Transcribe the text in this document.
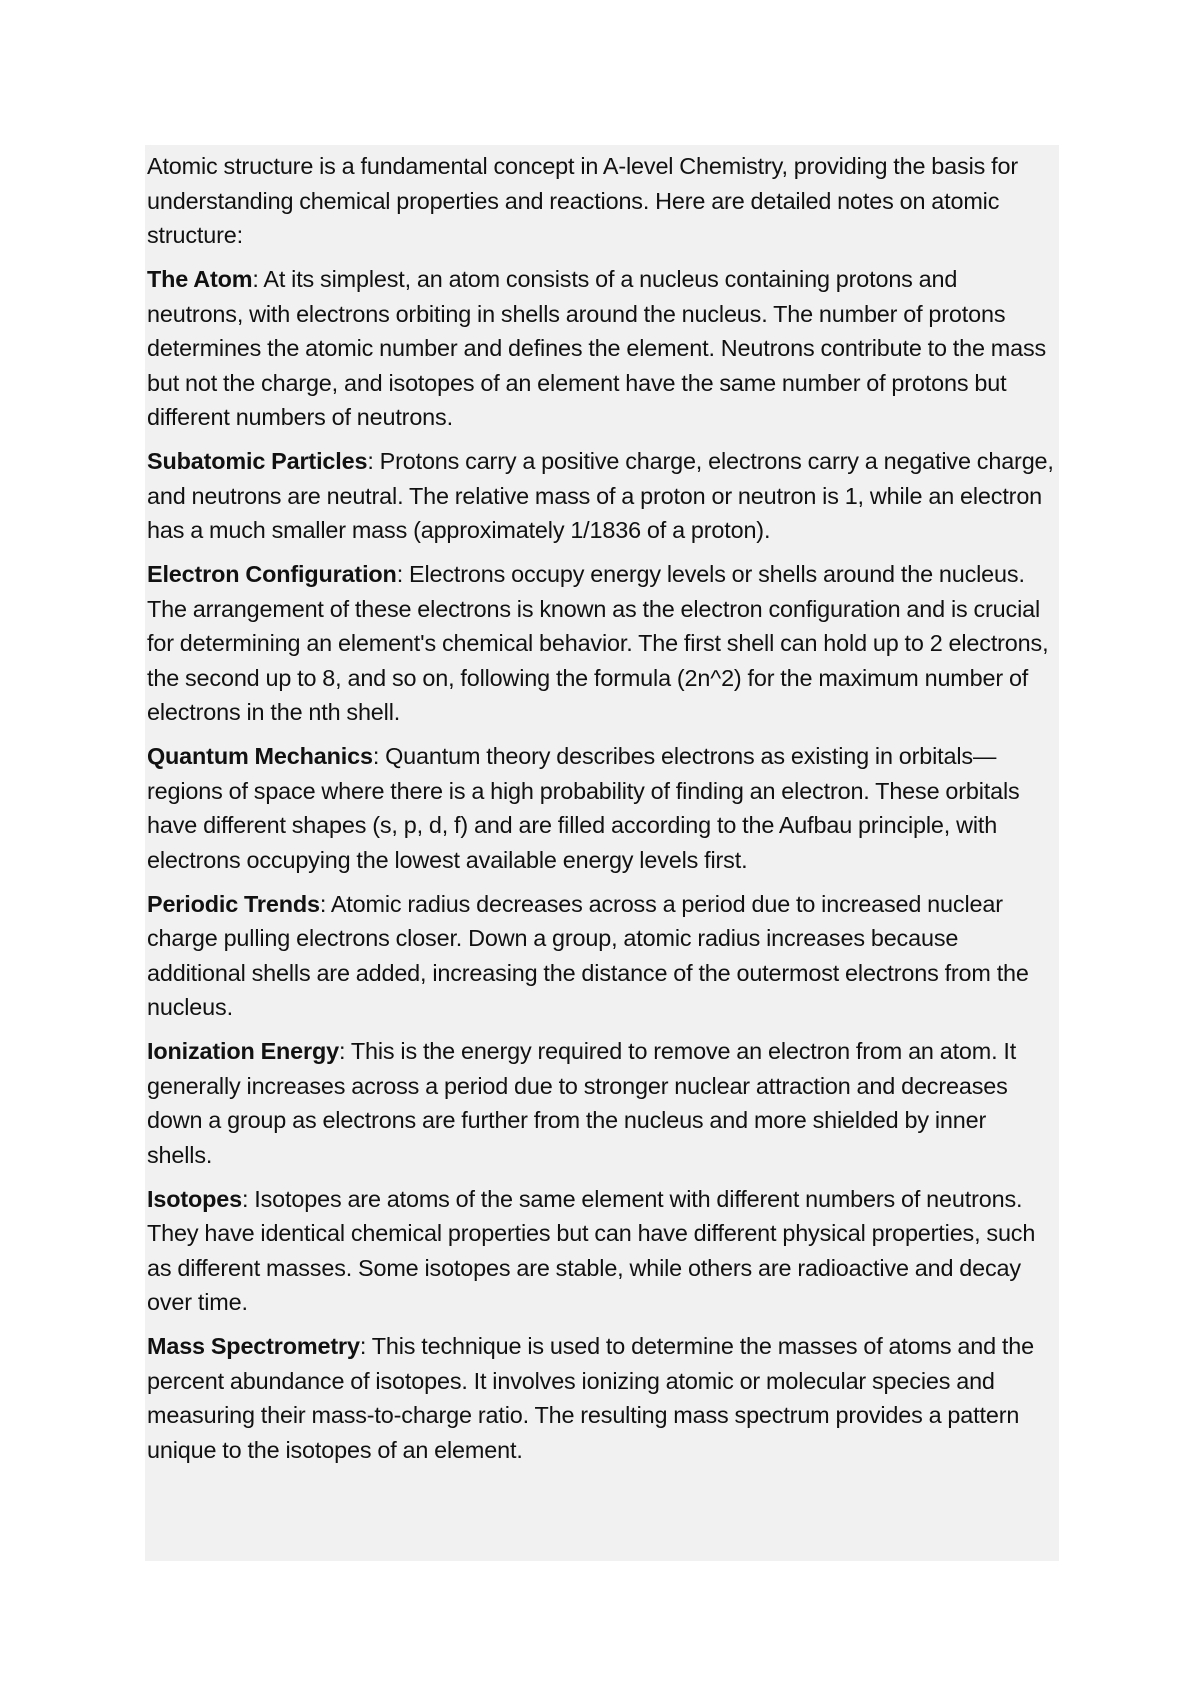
Atomic structure is a fundamental concept in A-level Chemistry, providing the basis for understanding chemical properties and reactions. Here are detailed notes on atomic structure:

The Atom: At its simplest, an atom consists of a nucleus containing protons and neutrons, with electrons orbiting in shells around the nucleus. The number of protons determines the atomic number and defines the element. Neutrons contribute to the mass but not the charge, and isotopes of an element have the same number of protons but different numbers of neutrons.

Subatomic Particles: Protons carry a positive charge, electrons carry a negative charge, and neutrons are neutral. The relative mass of a proton or neutron is 1, while an electron has a much smaller mass (approximately 1/1836 of a proton).

Electron Configuration: Electrons occupy energy levels or shells around the nucleus. The arrangement of these electrons is known as the electron configuration and is crucial for determining an element's chemical behavior. The first shell can hold up to 2 electrons, the second up to 8, and so on, following the formula (2n^2) for the maximum number of electrons in the nth shell.

Quantum Mechanics: Quantum theory describes electrons as existing in orbitals—regions of space where there is a high probability of finding an electron. These orbitals have different shapes (s, p, d, f) and are filled according to the Aufbau principle, with electrons occupying the lowest available energy levels first.

Periodic Trends: Atomic radius decreases across a period due to increased nuclear charge pulling electrons closer. Down a group, atomic radius increases because additional shells are added, increasing the distance of the outermost electrons from the nucleus.

Ionization Energy: This is the energy required to remove an electron from an atom. It generally increases across a period due to stronger nuclear attraction and decreases down a group as electrons are further from the nucleus and more shielded by inner shells.

Isotopes: Isotopes are atoms of the same element with different numbers of neutrons. They have identical chemical properties but can have different physical properties, such as different masses. Some isotopes are stable, while others are radioactive and decay over time.

Mass Spectrometry: This technique is used to determine the masses of atoms and the percent abundance of isotopes. It involves ionizing atomic or molecular species and measuring their mass-to-charge ratio. The resulting mass spectrum provides a pattern unique to the isotopes of an element.
